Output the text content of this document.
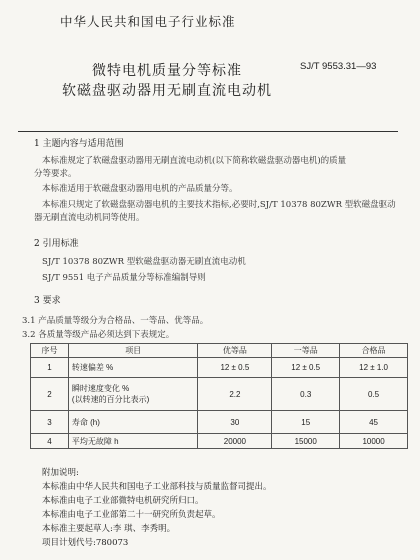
中华人民共和国电子行业标准
微特电机质量分等标准	SJ/T 9553.31—93
软磁盘驱动器用无刷直流电动机
1 主题内容与适用范围
本标准规定了软磁盘驱动器用无刷直流电动机(以下简称软磁盘驱动器电机)的质量
分等要求。
本标准适用于软磁盘驱动器用电机的产品质量分等。
本标准只规定了软磁盘驱动器电机的主要技术指标,必要时,SJ/T 10378 80ZWR 型软磁盘驱动
器无刷直流电动机同等使用。
2 引用标准
SJ/T 10378 80ZWR 型软磁盘驱动器无刷直流电动机
SJ/T 9551 电子产品质量分等标准编制导则
3 要求
3.1 产品质量等级分为合格品、一等品、优等品。
3.2 各质量等级产品必须达到下表规定。
序号	项目	优等品	一等品	合格品
1	转速偏差 %	12 ± 0.5	12 ± 0.5	12 ± 1.0
2	瞬时速度变化 %
(以转速的百分比表示)	2.2	0.3	0.5
3	寿命 (h)	30	15	45
4	平均无故障 h	20000	15000	10000
附加说明:
本标准由中华人民共和国电子工业部科技与质量监督司提出。
本标准由电子工业部微特电机研究所归口。
本标准由电子工业部第二十一研究所负责起草。
本标准主要起草人:李 琪、李秀明。
项目计划代号:780073
